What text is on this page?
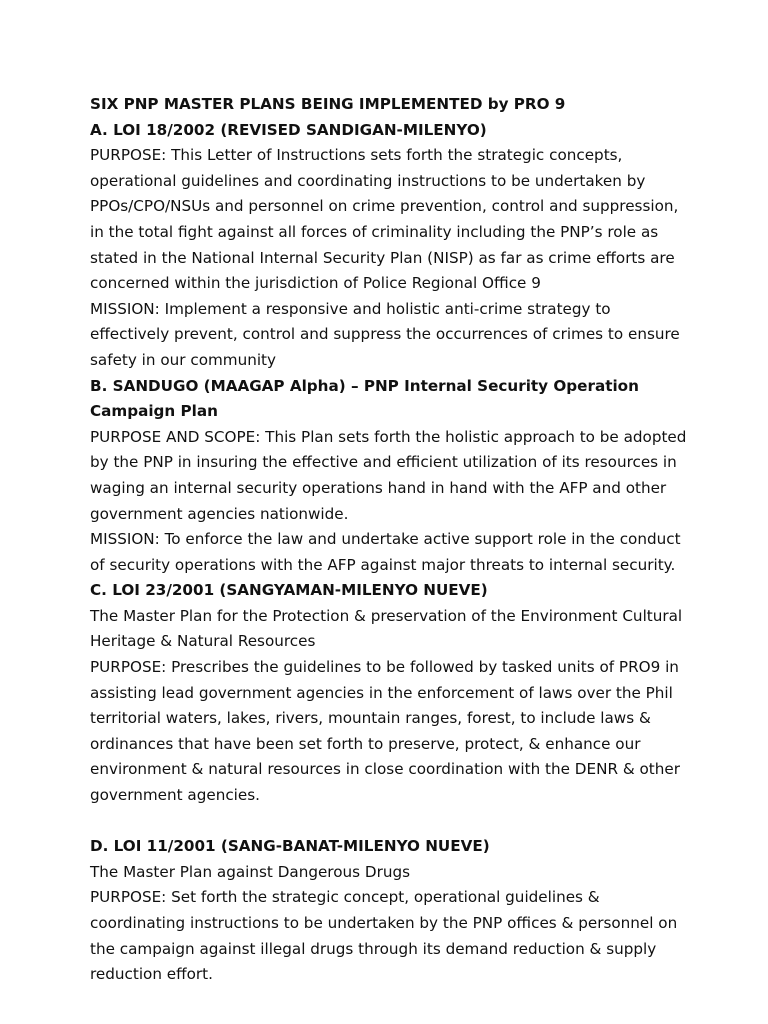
SIX PNP MASTER PLANS BEING IMPLEMENTED by PRO 9

A. LOI 18/2002 (REVISED SANDIGAN-MILENYO)

PURPOSE: This Letter of Instructions sets forth the strategic concepts, operational guidelines and coordinating instructions to be undertaken by PPOs/CPO/NSUs and personnel on crime prevention, control and suppression, in the total fight against all forces of criminality including the PNP’s role as stated in the National Internal Security Plan (NISP) as far as crime efforts are concerned within the jurisdiction of Police Regional Office 9

MISSION: Implement a responsive and holistic anti-crime strategy to effectively prevent, control and suppress the occurrences of crimes to ensure safety in our community

B. SANDUGO (MAAGAP Alpha) – PNP Internal Security Operation Campaign Plan

PURPOSE AND SCOPE: This Plan sets forth the holistic approach to be adopted by the PNP in insuring the effective and efficient utilization of its resources in waging an internal security operations hand in hand with the AFP and other government agencies nationwide.

MISSION: To enforce the law and undertake active support role in the conduct of security operations with the AFP against major threats to internal security.

C. LOI 23/2001 (SANGYAMAN-MILENYO NUEVE)

The Master Plan for the Protection & preservation of the Environment Cultural Heritage & Natural Resources

PURPOSE: Prescribes the guidelines to be followed by tasked units of PRO9 in assisting lead government agencies in the enforcement of laws over the Phil territorial waters, lakes, rivers, mountain ranges, forest, to include laws & ordinances that have been set forth to preserve, protect, & enhance our environment & natural resources in close coordination with the DENR & other government agencies.

D. LOI 11/2001 (SANG-BANAT-MILENYO NUEVE)

The Master Plan against Dangerous Drugs

PURPOSE: Set forth the strategic concept, operational guidelines & coordinating instructions to be undertaken by the PNP offices & personnel on the campaign against illegal drugs through its demand reduction & supply reduction effort.
